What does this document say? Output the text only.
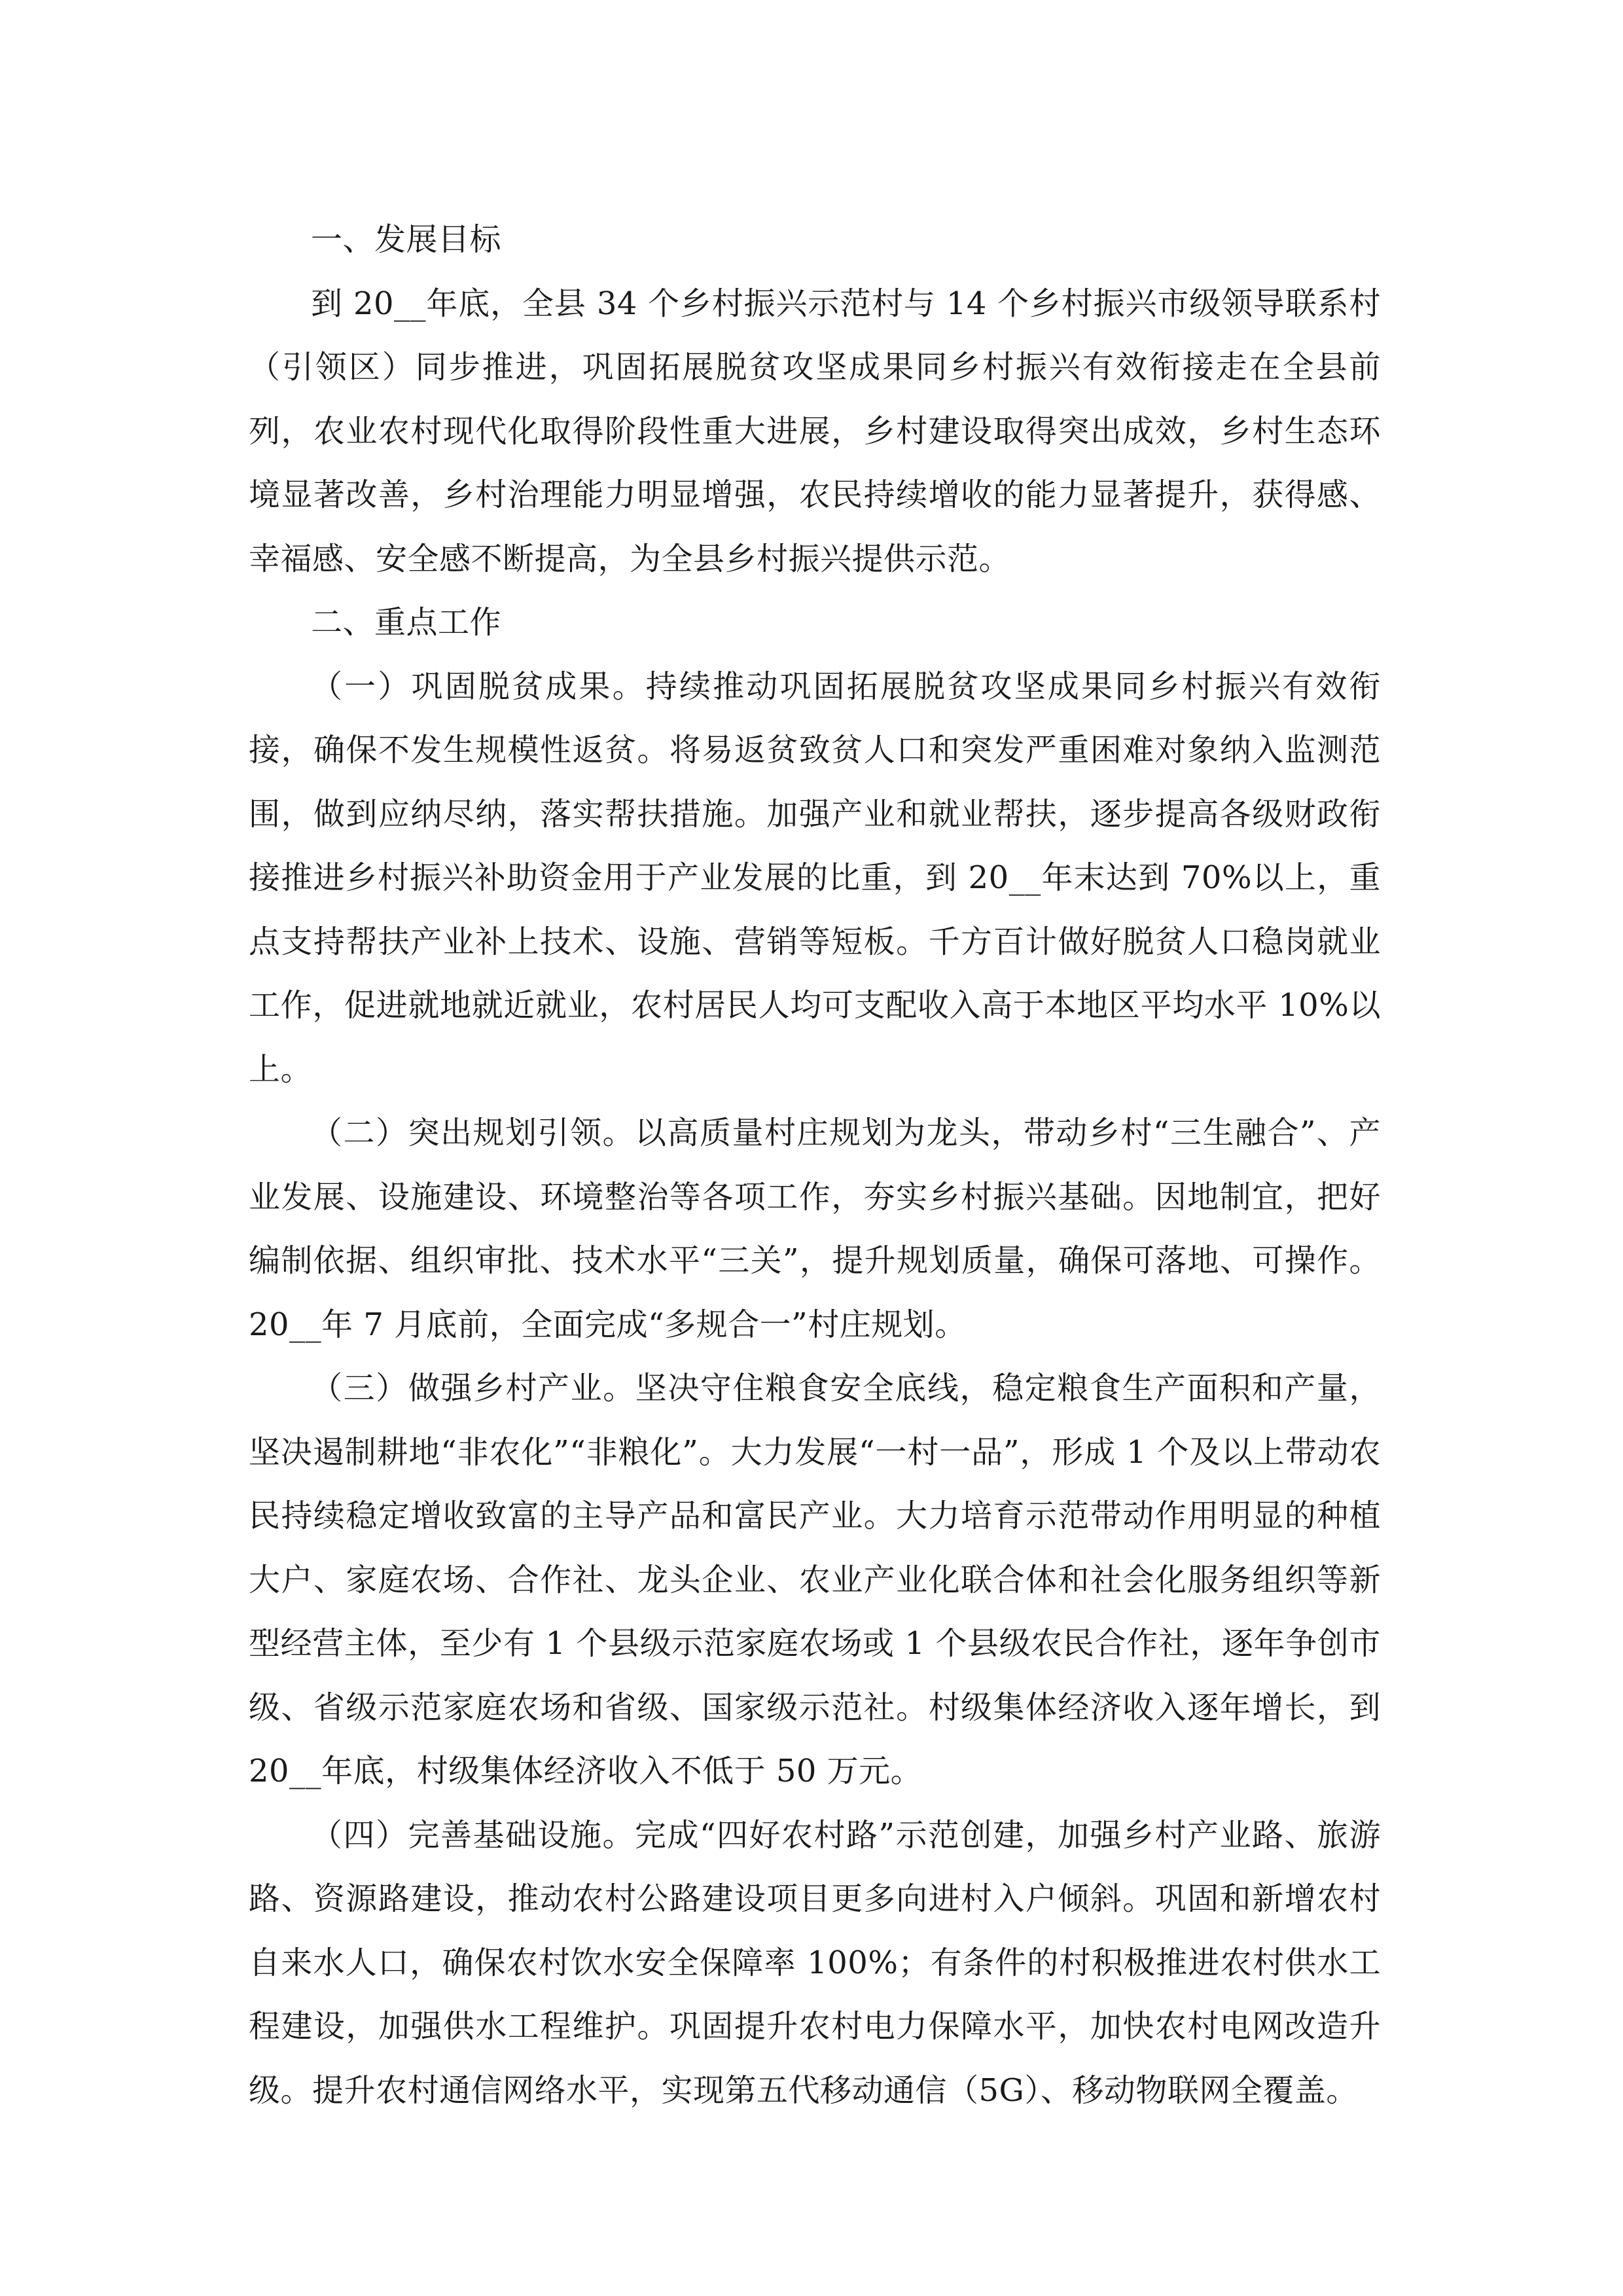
一、发展目标

到 20__年底，全县 34 个乡村振兴示范村与 14 个乡村振兴市级领导联系村（引领区）同步推进，巩固拓展脱贫攻坚成果同乡村振兴有效衔接走在全县前列，农业农村现代化取得阶段性重大进展，乡村建设取得突出成效，乡村生态环境显著改善，乡村治理能力明显增强，农民持续增收的能力显著提升，获得感、幸福感、安全感不断提高，为全县乡村振兴提供示范。

二、重点工作

（一）巩固脱贫成果。持续推动巩固拓展脱贫攻坚成果同乡村振兴有效衔接，确保不发生规模性返贫。将易返贫致贫人口和突发严重困难对象纳入监测范围，做到应纳尽纳，落实帮扶措施。加强产业和就业帮扶，逐步提高各级财政衔接推进乡村振兴补助资金用于产业发展的比重，到 20__年末达到 70%以上，重点支持帮扶产业补上技术、设施、营销等短板。千方百计做好脱贫人口稳岗就业工作，促进就地就近就业，农村居民人均可支配收入高于本地区平均水平 10%以上。

（二）突出规划引领。以高质量村庄规划为龙头，带动乡村“三生融合”、产业发展、设施建设、环境整治等各项工作，夯实乡村振兴基础。因地制宜，把好编制依据、组织审批、技术水平“三关”，提升规划质量，确保可落地、可操作。20__年 7 月底前，全面完成“多规合一”村庄规划。

（三）做强乡村产业。坚决守住粮食安全底线，稳定粮食生产面积和产量，坚决遏制耕地“非农化”“非粮化”。大力发展“一村一品”，形成 1 个及以上带动农民持续稳定增收致富的主导产品和富民产业。大力培育示范带动作用明显的种植大户、家庭农场、合作社、龙头企业、农业产业化联合体和社会化服务组织等新型经营主体，至少有 1 个县级示范家庭农场或 1 个县级农民合作社，逐年争创市级、省级示范家庭农场和省级、国家级示范社。村级集体经济收入逐年增长，到 20__年底，村级集体经济收入不低于 50 万元。

（四）完善基础设施。完成“四好农村路”示范创建，加强乡村产业路、旅游路、资源路建设，推动农村公路建设项目更多向进村入户倾斜。巩固和新增农村自来水人口，确保农村饮水安全保障率 100%；有条件的村积极推进农村供水工程建设，加强供水工程维护。巩固提升农村电力保障水平，加快农村电网改造升级。提升农村通信网络水平，实现第五代移动通信（5G）、移动物联网全覆盖。
